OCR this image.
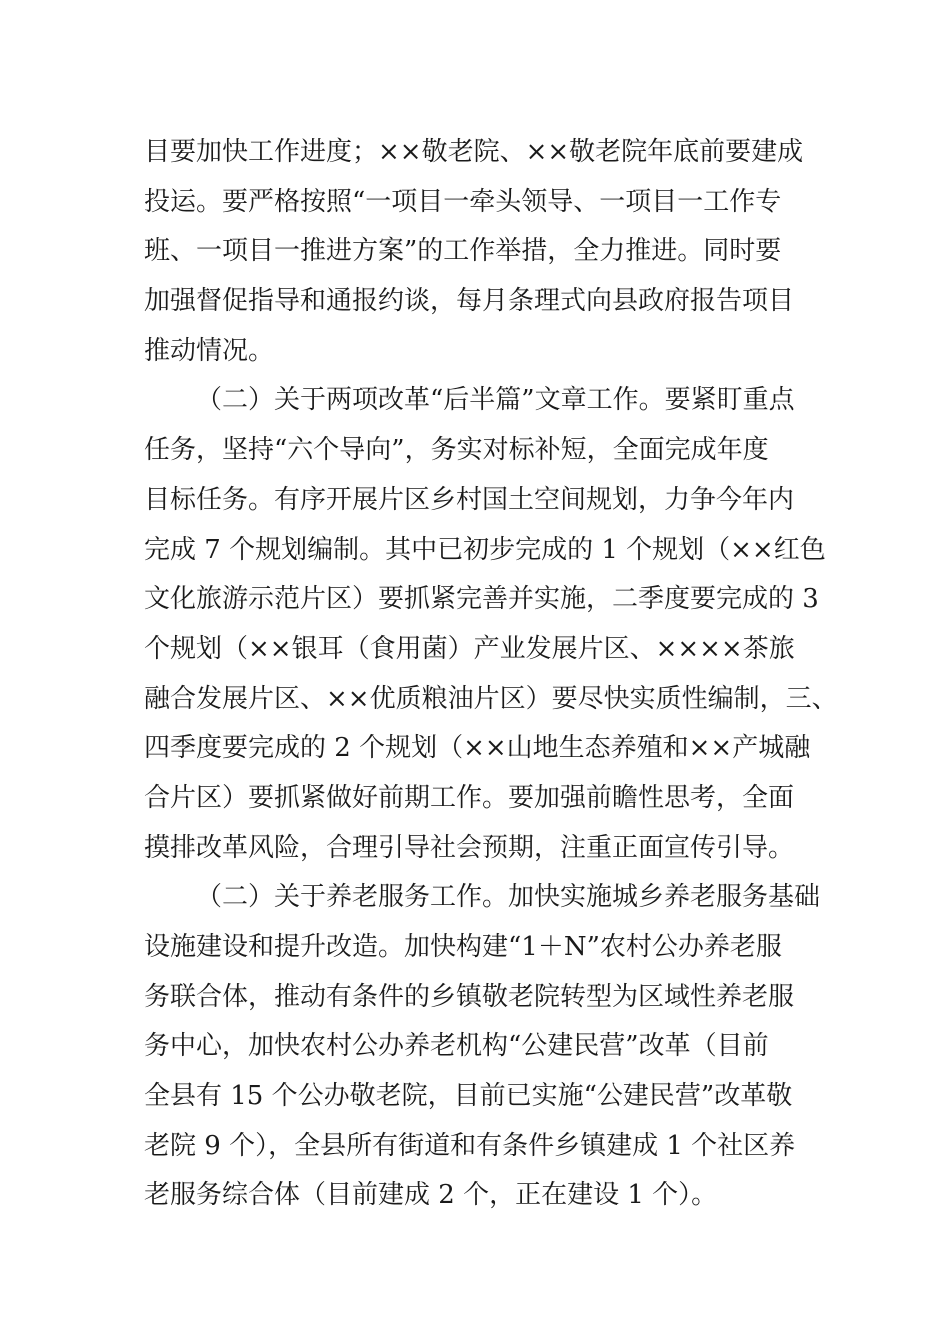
目要加快工作进度；××敬老院、××敬老院年底前要建成
投运。要严格按照“一项目一牵头领导、一项目一工作专
班、一项目一推进方案”的工作举措，全力推进。同时要
加强督促指导和通报约谈，每月条理式向县政府报告项目
推动情况。
（二）关于两项改革“后半篇”文章工作。要紧盯重点
任务，坚持“六个导向”，务实对标补短，全面完成年度
目标任务。有序开展片区乡村国土空间规划，力争今年内
完成 7 个规划编制。其中已初步完成的 1 个规划（××红色
文化旅游示范片区）要抓紧完善并实施，二季度要完成的 3
个规划（××银耳（食用菌）产业发展片区、××××茶旅
融合发展片区、××优质粮油片区）要尽快实质性编制，三、
四季度要完成的 2 个规划（××山地生态养殖和××产城融
合片区）要抓紧做好前期工作。要加强前瞻性思考，全面
摸排改革风险，合理引导社会预期，注重正面宣传引导。
（二）关于养老服务工作。加快实施城乡养老服务基础
设施建设和提升改造。加快构建“1＋N”农村公办养老服
务联合体，推动有条件的乡镇敬老院转型为区域性养老服
务中心，加快农村公办养老机构“公建民营”改革（目前
全县有 15 个公办敬老院，目前已实施“公建民营”改革敬
老院 9 个），全县所有街道和有条件乡镇建成 1 个社区养
老服务综合体（目前建成 2 个，正在建设 1 个）。
